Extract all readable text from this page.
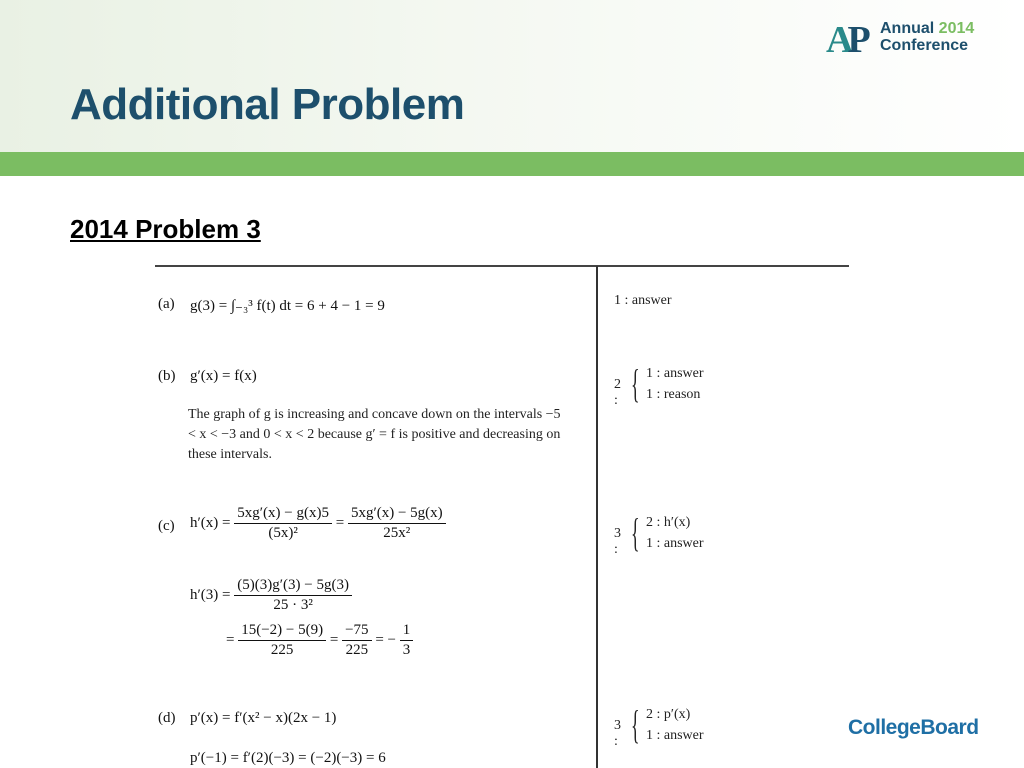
Additional Problem
AP Annual 2014
Conference
2014 Problem 3
(a) g(3) = ∫₋₃³ f(t) dt = 6 + 4 − 1 = 9
(b) g′(x) = f(x)
The graph of g is increasing and concave down on the intervals −5 < x < −3 and 0 < x < 2 because g′ = f is positive and decreasing on these intervals.
(c) $h'(x) = \frac{5xg'(x) - g(x)5}{\text{(5x)²}} = \frac{5xg'(x) - 5g(x)}{\text{25x²}}$
$h'(3) = \frac{(5)(3)g'(3) - 5g(3)}{\text{25 · 3²}}$
= $\frac{15(-2) - 5(9)}{225} = \frac{-75}{225}$ = − $\frac{1}{3}$
(d) p′(x) = f′(x² − x)(2x − 1)
p′(−1) = f′(2)(−3) = (−2)(−3) = 6
1 : answer
2 : { 1 : answer
1 : reason
3 : { 2 : h′(x)
1 : answer
3 : { 2 : p′(x)
1 : answer	CollegeBoard
